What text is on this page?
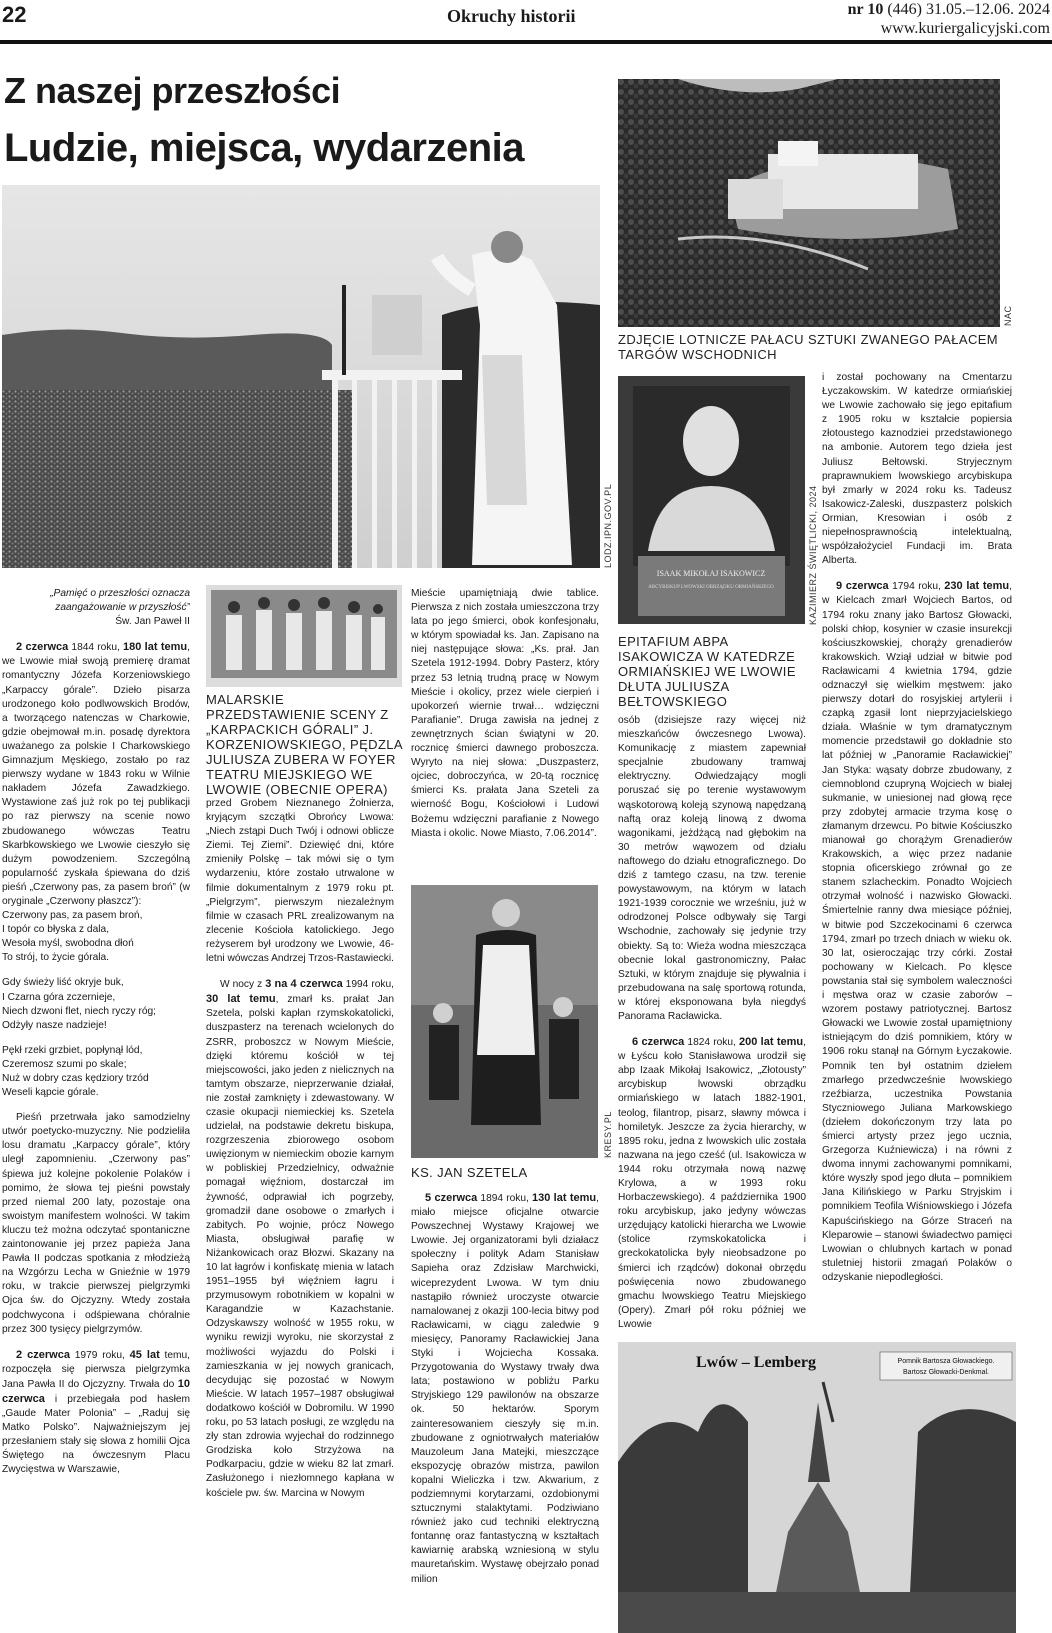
22	Okruchy historii	nr 10 (446) 31.05.–12.06. 2024
www.kuriergalicyjski.com
Z naszej przeszłości
Ludzie, miejsca, wydarzenia
LODZ.IPN.GOV.PL
NAC
ZDJĘCIE LOTNICZE PAŁACU SZTUKI ZWANEGO PAŁACEM TARGÓW WSCHODNICH
ISAAK MIKOŁAJ ISAKOWICZ
ARCYBISKUP LWOWSKI OBRZĄDKU ORMIAŃSKIEGO	KAZIMIERZ ŚWIĘTLICKI, 2024
EPITAFIUM ABPA ISAKOWICZA W KATEDRZE ORMIAŃSKIEJ WE LWOWIE DŁUTA JULIUSZA BEŁTOWSKIEGO
MALARSKIE PRZEDSTAWIENIE SCENY Z „KARPACKICH GÓRALI” J. KORZENIOWSKIEGO, PĘDZLA JULIUSZA ZUBERA W FOYER TEATRU MIEJSKIEGO WE LWOWIE (OBECNIE OPERA)
KRESY.PL
KS. JAN SZETELA
Lwów – Lemberg	Pomnik Bartosza Głowackiego.
Bartosz Głowacki-Denkmal.

„Pamięć o przeszłości oznacza

zaangażowanie w przyszłość”

Św. Jan Paweł II

2 czerwca 1844 roku, 180 lat temu, we Lwowie miał swoją premierę dramat romantyczny Józefa Korzeniowskiego „Karpaccy górale”. Dzieło pisarza urodzonego koło podlwowskich Brodów, a tworzącego natenczas w Charkowie, gdzie obejmował m.in. posadę dyrektora uważanego za polskie I Charkowskiego Gimnazjum Męskiego, zostało po raz pierwszy wydane w 1843 roku w Wilnie nakładem Józefa Zawadzkiego. Wystawione zaś już rok po tej publikacji po raz pierwszy na scenie nowo zbudowanego wówczas Teatru Skarbkowskiego we Lwowie cieszyło się dużym powodzeniem. Szczególną popularność zyskała śpiewana do dziś pieśń „Czerwony pas, za pasem broń” (w oryginale „Czerwony płaszcz”):

Czerwony pas, za pasem broń,

I topór co błyska z dala,

Wesoła myśl, swobodna dłoń

To strój, to życie górala.

Gdy świeży liść okryje buk,

I Czarna góra zczernieje,

Niech dzwoni flet, niech ryczy róg;

Odżyły nasze nadzieje!

Pękł rzeki grzbiet, popłynął lód,

Czeremosz szumi po skale;

Nuż w dobry czas kędziory trzód

Weseli kąpcie górale.

Pieśń przetrwała jako samodzielny utwór poetycko-muzyczny. Nie podzieliła losu dramatu „Karpaccy górale”, który uległ zapomnieniu. „Czerwony pas” śpiewa już kolejne pokolenie Polaków i pomimo, że słowa tej pieśni powstały przed niemal 200 laty, pozostaje ona swoistym manifestem wolności. W takim kluczu też można odczytać spontaniczne zaintonowanie jej przez papieża Jana Pawła II podczas spotkania z młodzieżą na Wzgórzu Lecha w Gnieźnie w 1979 roku, w trakcie pierwszej pielgrzymki Ojca św. do Ojczyzny. Wtedy została podchwycona i odśpiewana chóralnie przez 300 tysięcy pielgrzymów.

2 czerwca 1979 roku, 45 lat temu, rozpoczęła się pierwsza pielgrzymka Jana Pawła II do Ojczyzny. Trwała do 10 czerwca i przebiegała pod hasłem „Gaude Mater Polonia” – „Raduj się Matko Polsko”. Najważniejszym jej przesłaniem stały się słowa z homilii Ojca Świętego na ówczesnym Placu Zwycięstwa w Warszawie,

przed Grobem Nieznanego Żołnierza, kryjącym szczątki Obrońcy Lwowa: „Niech zstąpi Duch Twój i odnowi oblicze Ziemi. Tej Ziemi”. Dziewięć dni, które zmieniły Polskę – tak mówi się o tym wydarzeniu, które zostało utrwalone w filmie dokumentalnym z 1979 roku pt. „Pielgrzym”, pierwszym niezależnym filmie w czasach PRL zrealizowanym na zlecenie Kościoła katolickiego. Jego reżyserem był urodzony we Lwowie, 46-letni wówczas Andrzej Trzos-Rastawiecki.

W nocy z 3 na 4 czerwca 1994 roku, 30 lat temu, zmarł ks. prałat Jan Szetela, polski kapłan rzymskokatolicki, duszpasterz na terenach wcielonych do ZSRR, proboszcz w Nowym Mieście, dzięki któremu kościół w tej miejscowości, jako jeden z nielicznych na tamtym obszarze, nieprzerwanie działał, nie został zamknięty i zdewastowany. W czasie okupacji niemieckiej ks. Szetela udzielał, na podstawie dekretu biskupa, rozgrzeszenia zbiorowego osobom uwięzionym w niemieckim obozie karnym w pobliskiej Przedzielnicy, odważnie pomagał więźniom, dostarczał im żywność, odprawiał ich pogrzeby, gromadził dane osobowe o zmarłych i zabitych. Po wojnie, prócz Nowego Miasta, obsługiwał parafię w Niżankowicach oraz Błozwi. Skazany na 10 lat łagrów i konfiskatę mienia w latach 1951–1955 był więźniem łagru i przymusowym robotnikiem w kopalni w Karagandzie w Kazachstanie. Odzyskawszy wolność w 1955 roku, w wyniku rewizji wyroku, nie skorzystał z możliwości wyjazdu do Polski i zamieszkania w jej nowych granicach, decydując się pozostać w Nowym Mieście. W latach 1957–1987 obsługiwał dodatkowo kościół w Dobromilu. W 1990 roku, po 53 latach posługi, ze względu na zły stan zdrowia wyjechał do rodzinnego Grodziska koło Strzyżowa na Podkarpaciu, gdzie w wieku 82 lat zmarł. Zasłużonego i niezłomnego kapłana w kościele pw. św. Marcina w Nowym

Mieście upamiętniają dwie tablice. Pierwsza z nich została umieszczona trzy lata po jego śmierci, obok konfesjonału, w którym spowiadał ks. Jan. Zapisano na niej następujące słowa: „Ks. prał. Jan Szetela 1912-1994. Dobry Pasterz, który przez 53 letnią trudną pracę w Nowym Mieście i okolicy, przez wiele cierpień i upokorzeń wiernie trwał… wdzięczni Parafianie”. Druga zawisła na jednej z zewnętrznych ścian świątyni w 20. rocznicę śmierci dawnego proboszcza. Wyryto na niej słowa: „Duszpasterz, ojciec, dobroczyńca, w 20-tą rocznicę śmierci Ks. prałata Jana Szeteli za wierność Bogu, Kościołowi i Ludowi Bożemu wdzięczni parafianie z Nowego Miasta i okolic. Nowe Miasto, 7.06.2014”.

5 czerwca 1894 roku, 130 lat temu, miało miejsce oficjalne otwarcie Powszechnej Wystawy Krajowej we Lwowie. Jej organizatorami byli działacz społeczny i polityk Adam Stanisław Sapieha oraz Zdzisław Marchwicki, wiceprezydent Lwowa. W tym dniu nastąpiło również uroczyste otwarcie namalowanej z okazji 100-lecia bitwy pod Racławicami, w ciągu zaledwie 9 miesięcy, Panoramy Racławickiej Jana Styki i Wojciecha Kossaka. Przygotowania do Wystawy trwały dwa lata; postawiono w pobliżu Parku Stryjskiego 129 pawilonów na obszarze ok. 50 hektarów. Sporym zainteresowaniem cieszyły się m.in. zbudowane z ogniotrwałych materiałów Mauzoleum Jana Matejki, mieszczące ekspozycję obrazów mistrza, pawilon kopalni Wieliczka i tzw. Akwarium, z podziemnymi korytarzami, ozdobionymi sztucznymi stalaktytami. Podziwiano również jako cud techniki elektryczną fontannę oraz fantastyczną w kształtach kawiarnię arabską wzniesioną w stylu mauretańskim. Wystawę obejrzało ponad milion

osób (dzisiejsze razy więcej niż mieszkańców ówczesnego Lwowa). Komunikację z miastem zapewniał specjalnie zbudowany tramwaj elektryczny. Odwiedzający mogli poruszać się po terenie wystawowym wąskotorową koleją szynową napędzaną naftą oraz koleją linową z dwoma wagonikami, jeżdżącą nad głębokim na 30 metrów wąwozem od działu naftowego do działu etnograficznego. Do dziś z tamtego czasu, na tzw. terenie powystawowym, na którym w latach 1921-1939 corocznie we wrześniu, już w odrodzonej Polsce odbywały się Targi Wschodnie, zachowały się jedynie trzy obiekty. Są to: Wieża wodna mieszcząca obecnie lokal gastronomiczny, Pałac Sztuki, w którym znajduje się pływalnia i przebudowana na salę sportową rotunda, w której eksponowana była niegdyś Panorama Racławicka.

6 czerwca 1824 roku, 200 lat temu, w Łyścu koło Stanisławowa urodził się abp Izaak Mikołaj Isakowicz, „Złotousty” arcybiskup lwowski obrządku ormiańskiego w latach 1882-1901, teolog, filantrop, pisarz, sławny mówca i homiletyk. Jeszcze za życia hierarchy, w 1895 roku, jedna z lwowskich ulic została nazwana na jego cześć (ul. Isakowicza w 1944 roku otrzymała nową nazwę Krylowa, a w 1993 roku Horbaczewskiego). 4 października 1900 roku arcybiskup, jako jedyny wówczas urzędujący katolicki hierarcha we Lwowie (stolice rzymskokatolicka i greckokatolicka były nieobsadzone po śmierci ich rządców) dokonał obrzędu poświęcenia nowo zbudowanego gmachu lwowskiego Teatru Miejskiego (Opery). Zmarł pół roku później we Lwowie

i został pochowany na Cmentarzu Łyczakowskim. W katedrze ormiańskiej we Lwowie zachowało się jego epitafium z 1905 roku w kształcie popiersia złotoustego kaznodziei przedstawionego na ambonie. Autorem tego dzieła jest Juliusz Bełtowski. Stryjecznym praprawnukiem lwowskiego arcybiskupa był zmarły w 2024 roku ks. Tadeusz Isakowicz-Zaleski, duszpasterz polskich Ormian, Kresowian i osób z niepełnosprawnością intelektualną, współzałożyciel Fundacji im. Brata Alberta.

9 czerwca 1794 roku, 230 lat temu, w Kielcach zmarł Wojciech Bartos, od 1794 roku znany jako Bartosz Głowacki, polski chłop, kosynier w czasie insurekcji kościuszkowskiej, chorąży grenadierów krakowskich. Wziął udział w bitwie pod Racławicami 4 kwietnia 1794, gdzie odznaczył się wielkim męstwem: jako pierwszy dotarł do rosyjskiej artylerii i czapką zgasił lont nieprzyjacielskiego działa. Właśnie w tym dramatycznym momencie przedstawił go dokładnie sto lat później w „Panoramie Racławickiej” Jan Styka: wąsaty dobrze zbudowany, z ciemnoblond czupryną Wojciech w białej sukmanie, w uniesionej nad głową ręce przy zdobytej armacie trzyma kosę o złamanym drzewcu. Po bitwie Kościuszko mianował go chorążym Grenadierów Krakowskich, a więc przez nadanie stopnia oficerskiego zrównał go ze stanem szlacheckim. Ponadto Wojciech otrzymał wolność i nazwisko Głowacki. Śmiertelnie ranny dwa miesiące później, w bitwie pod Szczekocinami 6 czerwca 1794, zmarł po trzech dniach w wieku ok. 30 lat, osieroczając trzy córki. Został pochowany w Kielcach. Po klęsce powstania stał się symbolem waleczności i męstwa oraz w czasie zaborów – wzorem postawy patriotycznej. Bartosz Głowacki we Lwowie został upamiętniony istniejącym do dziś pomnikiem, który w 1906 roku stanął na Górnym Łyczakowie. Pomnik ten był ostatnim dziełem zmarłego przedwcześnie lwowskiego rzeźbiarza, uczestnika Powstania Styczniowego Juliana Markowskiego (dziełem dokończonym trzy lata po śmierci artysty przez jego ucznia, Grzegorza Kuźniewicza) i na równi z dwoma innymi zachowanymi pomnikami, które wyszły spod jego dłuta – pomnikiem Jana Kilińskiego w Parku Stryjskim i pomnikiem Teofila Wiśniowskiego i Józefa Kapuścińskiego na Górze Straceń na Kleparowie – stanowi świadectwo pamięci Lwowian o chlubnych kartach w ponad stuletniej historii zmagań Polaków o odzyskanie niepodległości.
